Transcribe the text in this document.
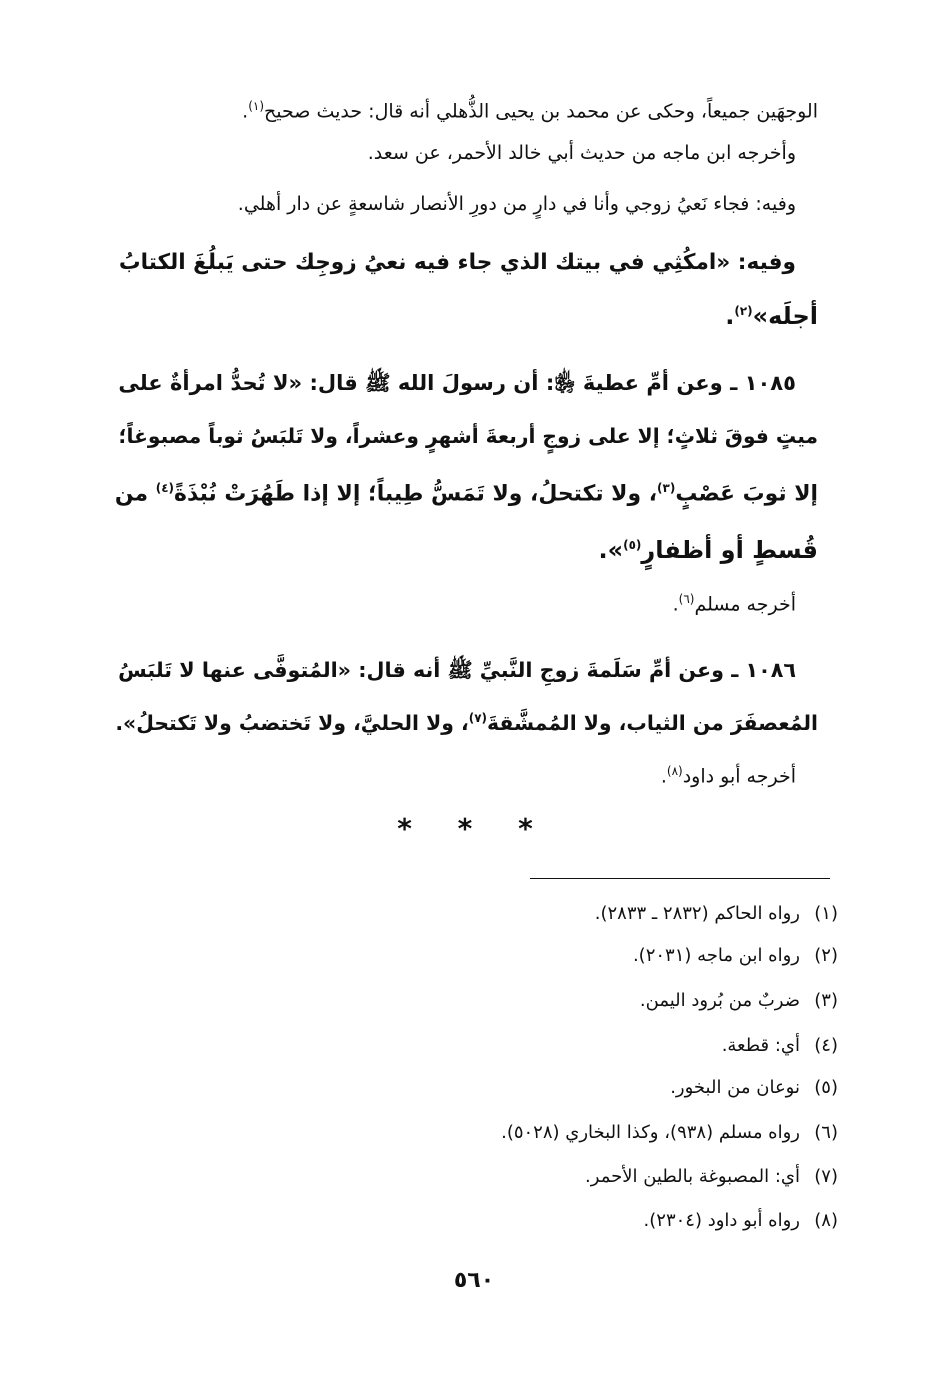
الوجهَين جميعاً، وحكى عن محمد بن يحيى الذُّهلي أنه قال: حديث صحيح$^{(١)}$.
وأخرجه ابن ماجه من حديث أبي خالد الأحمر، عن سعد.
وفيه: فجاء نَعيُ زوجي وأنا في دارٍ من دورِ الأنصار شاسعةٍ عن دار أهلي.
وفيه: «امكُثِي في بيتك الذي جاء فيه نعيُ زوجِك حتى يَبلُغَ الكتابُ
أجلَه»$^{(٢)}$.
١٠٨٥ ـ وعن أمِّ عطيةَ ﵂: أن رسولَ الله ﷺ قال: «لا تُحدُّ امرأةٌ على
ميتٍ فوقَ ثلاثٍ؛ إلا على زوجٍ أربعةَ أشهرٍ وعشراً، ولا تَلبَسُ ثوباً مصبوغاً؛
إلا ثوبَ عَصْبٍ$^{(٣)}$، ولا تكتحلُ، ولا تَمَسُّ طِيباً؛ إلا إذا طَهُرَتْ نُبْذَةً$^{(٤)}$ من
قُسطٍ أو أظفارٍ$^{(٥)}$».
أخرجه مسلم$^{(٦)}$.
١٠٨٦ ـ وعن أمِّ سَلَمةَ زوجِ النَّبيِّ ﷺ أنه قال: «المُتوفَّى عنها لا تَلبَسُ
المُعصفَرَ من الثياب، ولا المُمشَّقةَ$^{(٧)}$، ولا الحليَّ، ولا تَختضبُ ولا تَكتحلُ».
أخرجه أبو داود$^{(٨)}$.
* * *
(١)رواه الحاكم (٢٨٣٢ ـ ٢٨٣٣).
(٢)رواه ابن ماجه (٢٠٣١).
(٣)ضربٌ من بُرود اليمن.
(٤)أي: قطعة.
(٥)نوعان من البخور.
(٦)رواه مسلم (٩٣٨)، وكذا البخاري (٥٠٢٨).
(٧)أي: المصبوغة بالطين الأحمر.
(٨)رواه أبو داود (٢٣٠٤).
٥٦٠
